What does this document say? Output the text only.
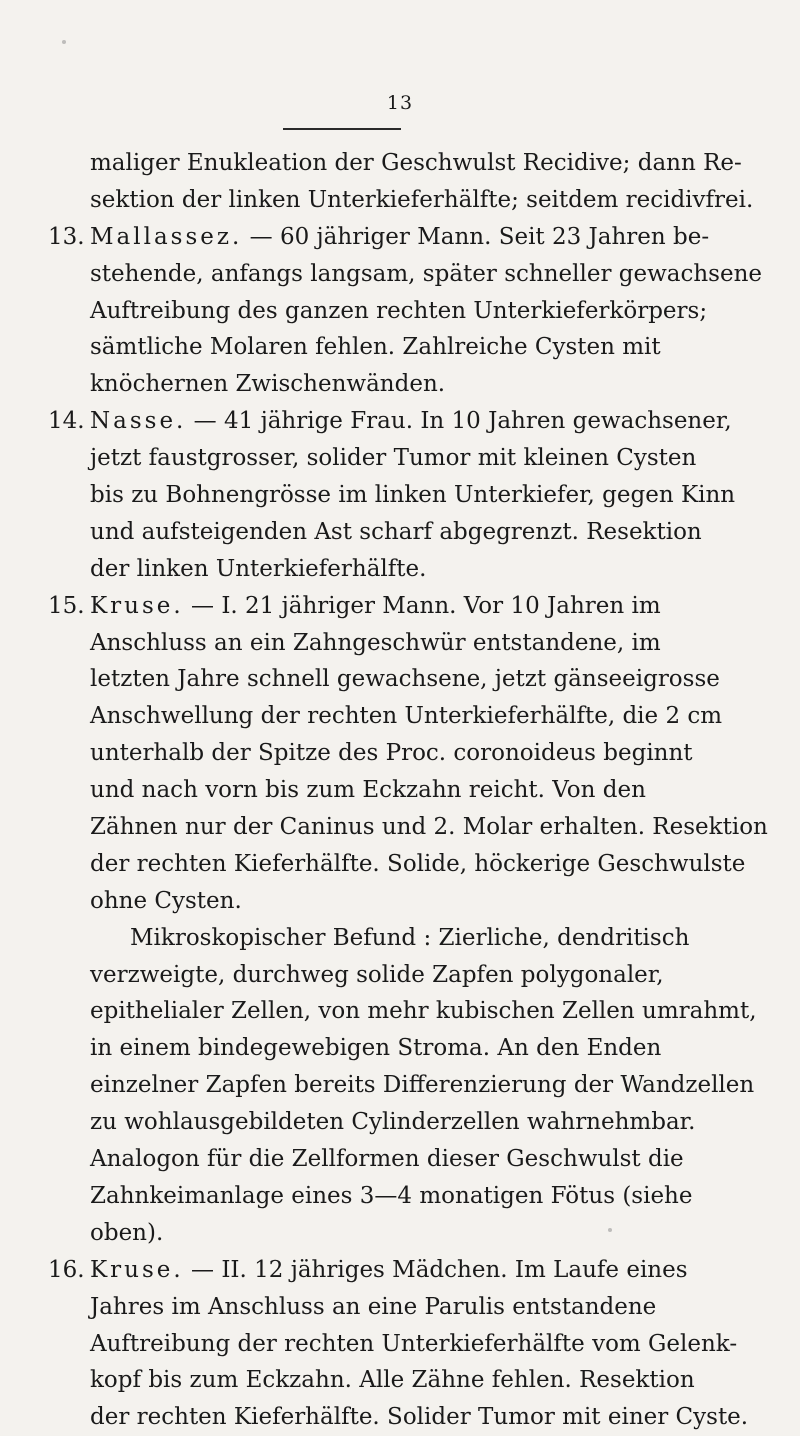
13
maliger Enukleation der Geschwulst Recidive; dann Re-
sektion der linken Unterkieferhälfte; seitdem recidivfrei.
13. Mallassez. — 60 jähriger Mann. Seit 23 Jahren be-
stehende, anfangs langsam, später schneller gewachsene
Auftreibung des ganzen rechten Unterkieferkörpers;
sämtliche Molaren fehlen. Zahlreiche Cysten mit
knöchernen Zwischenwänden.
14. Nasse. — 41 jährige Frau. In 10 Jahren gewachsener,
jetzt faustgrosser, solider Tumor mit kleinen Cysten
bis zu Bohnengrösse im linken Unterkiefer, gegen Kinn
und aufsteigenden Ast scharf abgegrenzt. Resektion
der linken Unterkieferhälfte.
15. Kruse. — I. 21 jähriger Mann. Vor 10 Jahren im
Anschluss an ein Zahngeschwür entstandene, im
letzten Jahre schnell gewachsene, jetzt gänseeigrosse
Anschwellung der rechten Unterkieferhälfte, die 2 cm
unterhalb der Spitze des Proc. coronoideus beginnt
und nach vorn bis zum Eckzahn reicht. Von den
Zähnen nur der Caninus und 2. Molar erhalten. Resektion
der rechten Kieferhälfte. Solide, höckerige Geschwulste
ohne Cysten.
Mikroskopischer Befund : Zierliche, dendritisch
verzweigte, durchweg solide Zapfen polygonaler,
epithelialer Zellen, von mehr kubischen Zellen umrahmt,
in einem bindegewebigen Stroma. An den Enden
einzelner Zapfen bereits Differenzierung der Wandzellen
zu wohlausgebildeten Cylinderzellen wahrnehmbar.
Analogon für die Zellformen dieser Geschwulst die
Zahnkeimanlage eines 3—4 monatigen Fötus (siehe
oben).
16. Kruse. — II. 12 jähriges Mädchen. Im Laufe eines
Jahres im Anschluss an eine Parulis entstandene
Auftreibung der rechten Unterkieferhälfte vom Gelenk-
kopf bis zum Eckzahn. Alle Zähne fehlen. Resektion
der rechten Kieferhälfte. Solider Tumor mit einer Cyste.
